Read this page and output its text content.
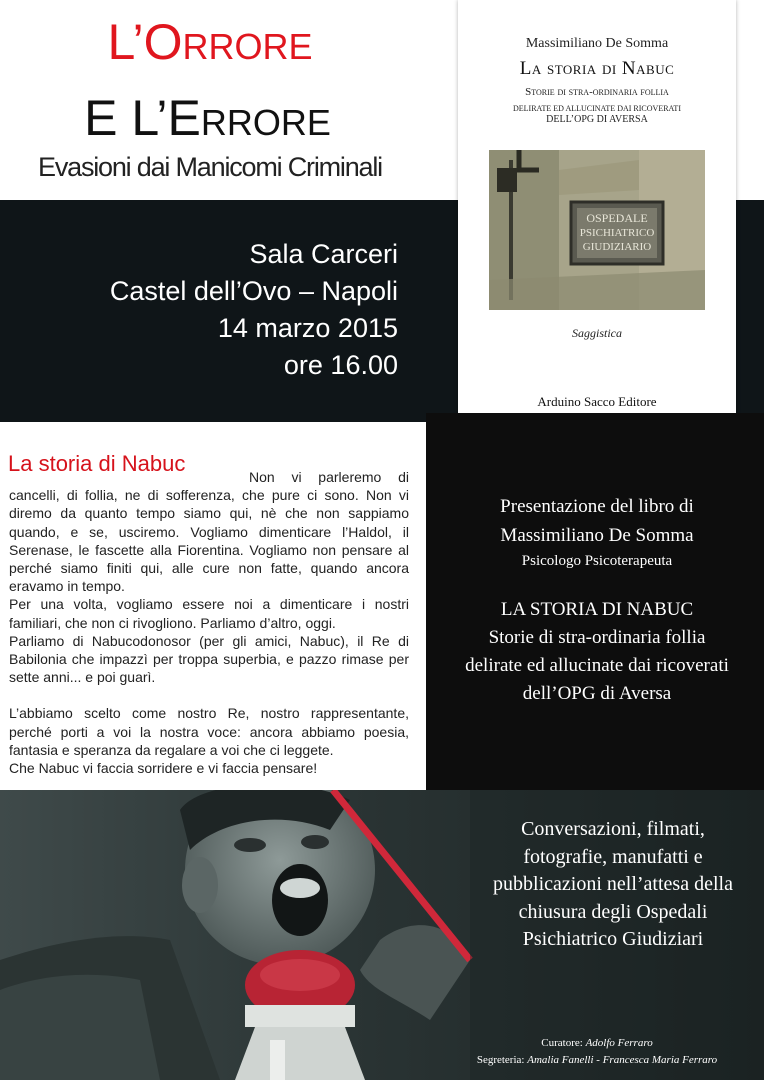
L’ORRORE
E L’ERRORE
Evasioni dai Manicomi Criminali
Sala Carceri
Castel dell’Ovo – Napoli
14 marzo 2015
ore 16.00
Massimiliano De Somma
La storia di Nabuc
Storie di stra-ordinaria follia
DELIRATE ED ALLUCINATE DAI RICOVERATI
DELL’OPG DI AVERSA
OSPEDALE
PSICHIATRICO
GIUDIZIARIO
Saggistica
Arduino Sacco Editore
La storia di Nabuc

Non vi parleremo di cancelli, di follia, ne di sofferenza, che pure ci sono. Non vi diremo da quanto tempo siamo qui, nè che non sappiamo quando, e se, usciremo. Vogliamo dimenticare l’Haldol, il Serenase, le fascette alla Fiorentina. Vogliamo non pensare al perché siamo finiti qui, alle cure non fatte, quando ancora eravamo in tempo.

Per una volta, vogliamo essere noi a dimenticare i nostri familiari, che non ci rivogliono. Parliamo d’altro, oggi.

Parliamo di Nabucodonosor (per gli amici, Nabuc), il Re di Babilonia che impazzì per troppa superbia, e pazzo rimase per sette anni... e poi guarì.

L’abbiamo scelto come nostro Re, nostro rappresentante, perché porti a voi la nostra voce: ancora abbiamo poesia, fantasia e speranza da regalare a voi che ci leggete.

Che Nabuc vi faccia sorridere e vi faccia pensare!

Presentazione del libro di
Massimiliano De Somma
Psicologo Psicoterapeuta
LA STORIA DI NABUC
Storie di stra-ordinaria follia
delirate ed allucinate dai ricoverati
dell’OPG di Aversa
Conversazioni, filmati,
fotografie, manufatti e
pubblicazioni nell’attesa della
chiusura degli Ospedali
Psichiatrico Giudiziari
Curatore: Adolfo Ferraro
Segreteria: Amalia Fanelli - Francesca Maria Ferraro
